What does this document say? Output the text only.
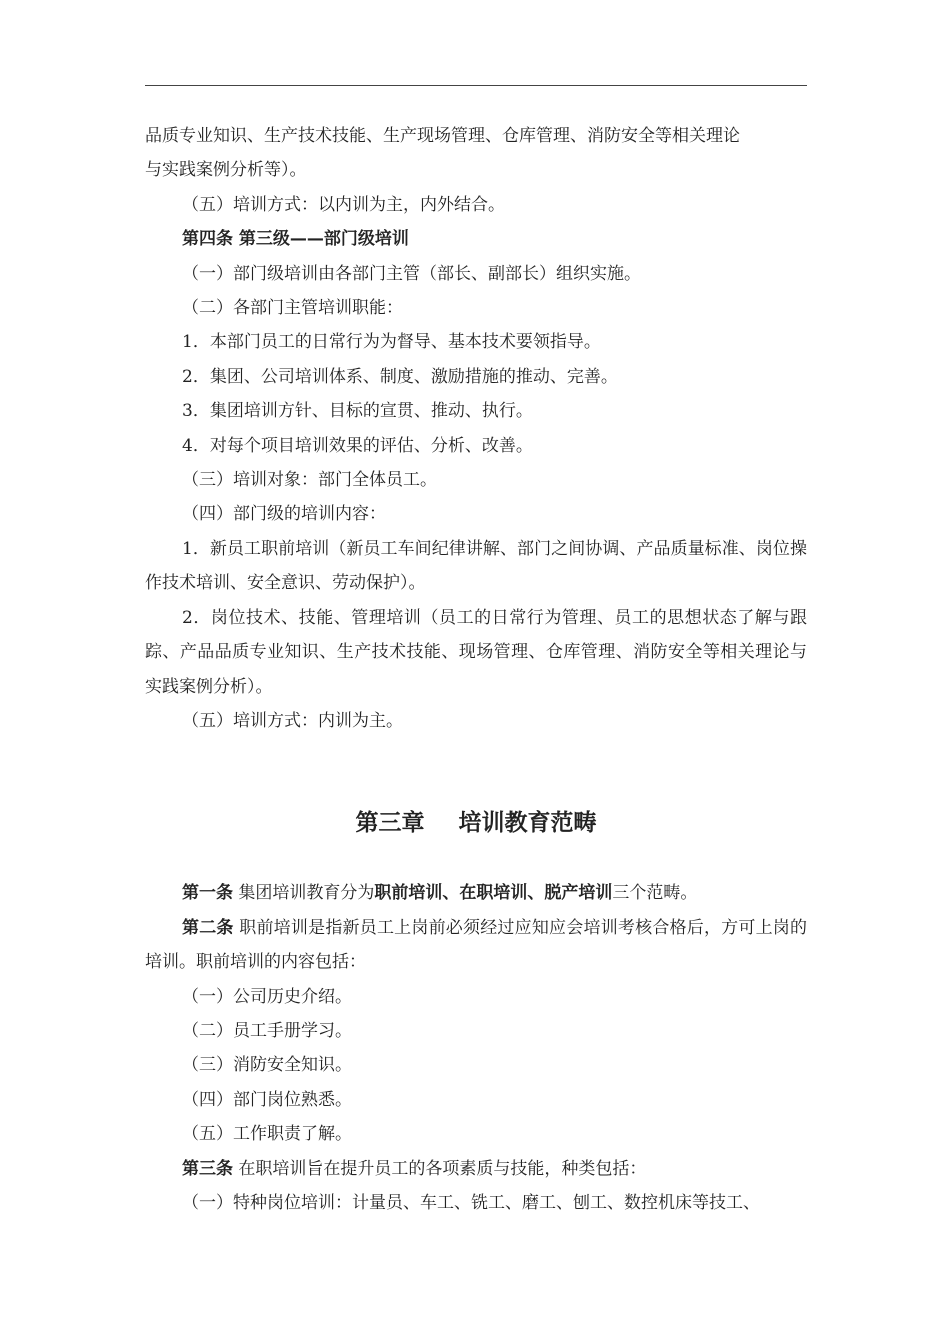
品质专业知识、生产技术技能、生产现场管理、仓库管理、消防安全等相关理论

与实践案例分析等）。

（五）培训方式：以内训为主，内外结合。

第四条 第三级——部门级培训

（一）部门级培训由各部门主管（部长、副部长）组织实施。

（二）各部门主管培训职能：

1．本部门员工的日常行为为督导、基本技术要领指导。

2．集团、公司培训体系、制度、激励措施的推动、完善。

3．集团培训方针、目标的宣贯、推动、执行。

4．对每个项目培训效果的评估、分析、改善。

（三）培训对象：部门全体员工。

（四）部门级的培训内容：

1．新员工职前培训（新员工车间纪律讲解、部门之间协调、产品质量标准、岗位操作技术培训、安全意识、劳动保护）。

2．岗位技术、技能、管理培训（员工的日常行为管理、员工的思想状态了解与跟踪、产品品质专业知识、生产技术技能、现场管理、仓库管理、消防安全等相关理论与实践案例分析）。

（五）培训方式：内训为主。

第三章 培训教育范畴

第一条 集团培训教育分为职前培训、在职培训、脱产培训三个范畴。

第二条 职前培训是指新员工上岗前必须经过应知应会培训考核合格后，方可上岗的培训。职前培训的内容包括：

（一）公司历史介绍。

（二）员工手册学习。

（三）消防安全知识。

（四）部门岗位熟悉。

（五）工作职责了解。

第三条 在职培训旨在提升员工的各项素质与技能，种类包括：

（一）特种岗位培训：计量员、车工、铣工、磨工、刨工、数控机床等技工、
